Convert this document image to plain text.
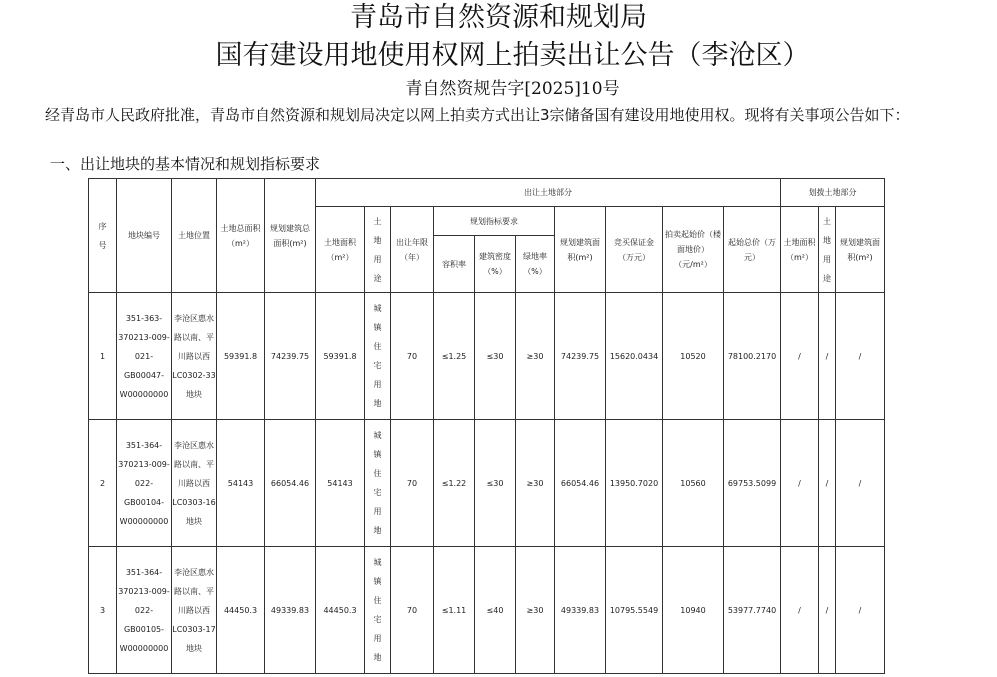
青岛市自然资源和规划局
国有建设用地使用权网上拍卖出让公告（李沧区）
青自然资规告字[2025]10号
经青岛市人民政府批准，青岛市自然资源和规划局决定以网上拍卖方式出让3宗储备国有建设用地使用权。现将有关事项公告如下：
一、出让地块的基本情况和规划指标要求
序号	地块编号	土地位置	土地总面积（m²）	规划建筑总面积(m²)	出让土地部分										划拨土地部分		
					土地面积（m²）	土地用途	出让年限（年）	规划指标要求			规划建筑面积(m²)	竞买保证金（万元）	拍卖起始价（楼面地价）（元/m²）	起始总价（万元）	土地面积（m²）	土地用途	规划建筑面积(m²)
								容积率	建筑密度（%）	绿地率（%）							
1	351-363-370213-009-021-GB00047-W00000000	李沧区惠水路以南、平川路以西LC0302-33地块	59391.8	74239.75	59391.8	城镇住宅用地	70	≤1.25	≤30	≥30	74239.75	15620.0434	10520	78100.2170	/	/	/
2	351-364-370213-009-022-GB00104-W00000000	李沧区惠水路以南、平川路以西LC0303-16地块	54143	66054.46	54143	城镇住宅用地	70	≤1.22	≤30	≥30	66054.46	13950.7020	10560	69753.5099	/	/	/
3	351-364-370213-009-022-GB00105-W00000000	李沧区惠水路以南、平川路以西LC0303-17地块	44450.3	49339.83	44450.3	城镇住宅用地	70	≤1.11	≤40	≥30	49339.83	10795.5549	10940	53977.7740	/	/	/
